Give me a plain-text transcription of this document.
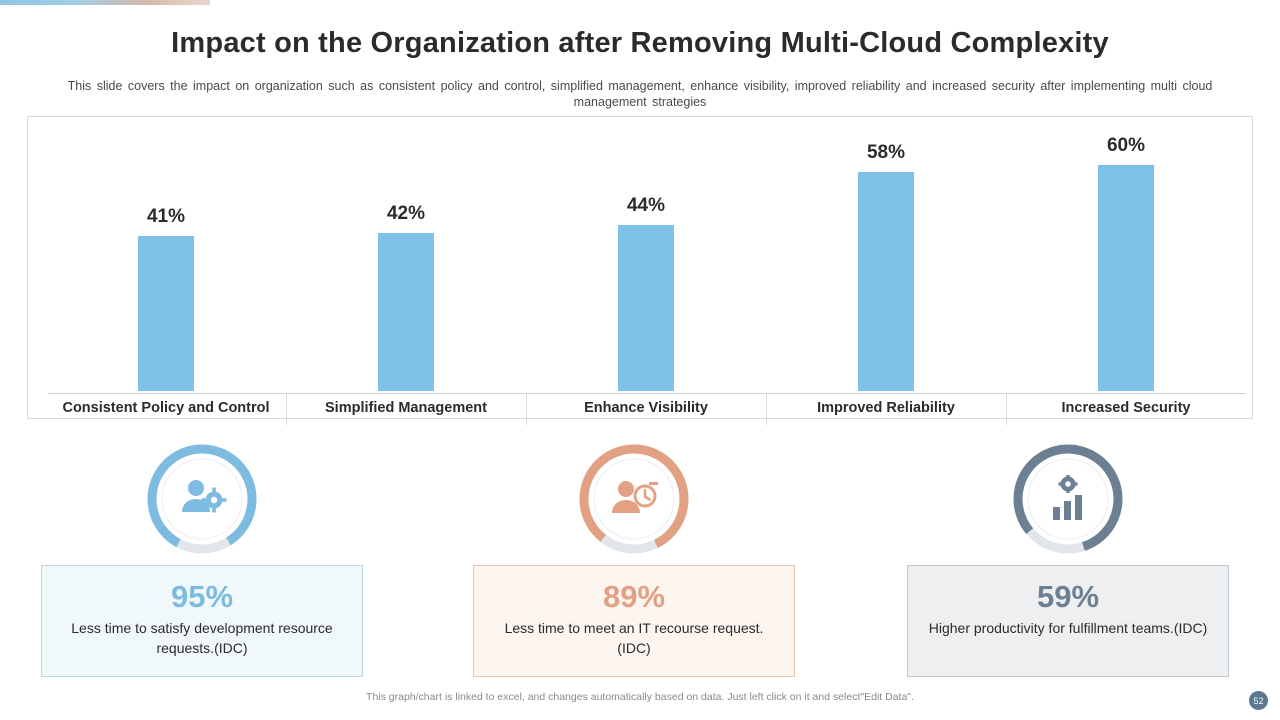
Impact on the Organization after Removing Multi-Cloud Complexity
This slide covers the impact on organization such as consistent policy and control, simplified management, enhance visibility, improved reliability and increased security after implementing multi cloud management strategies
41%	42%	44%
58%	60%
Consistent Policy and Control	Simplified Management	Enhance Visibility	Improved Reliability	Increased Security
95%
Less time to satisfy development resource requests.(IDC)
89%
Less time to meet an IT recourse request.(IDC)
59%
Higher productivity for fulfillment teams.(IDC)
This graph/chart is linked to excel, and changes automatically based on data. Just left click on it and select"Edit Data".	52
